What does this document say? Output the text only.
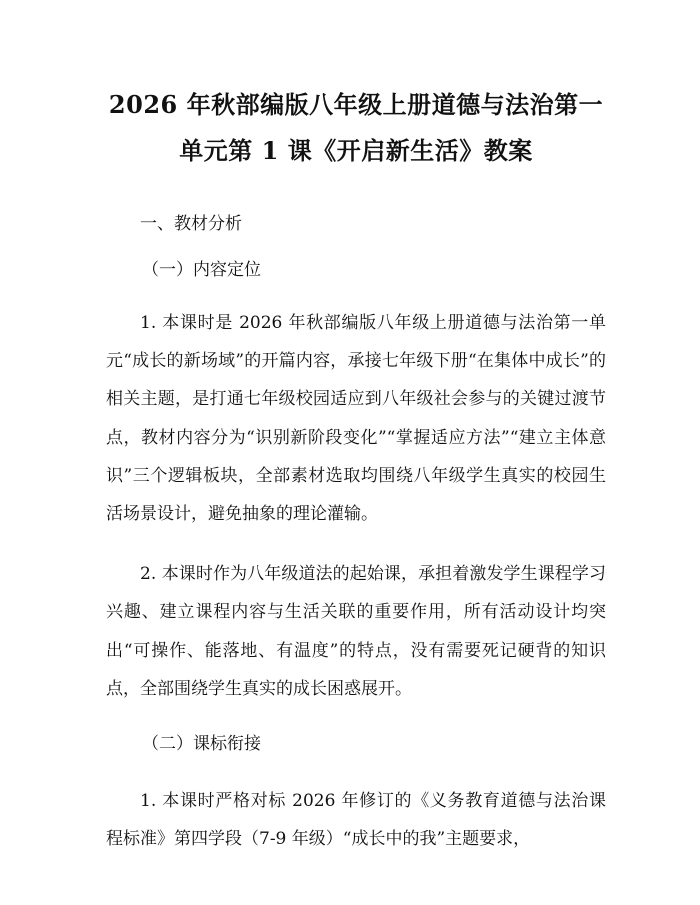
2026 年秋部编版八年级上册道德与法治第一
单元第 1 课《开启新生活》教案
一、教材分析
（一）内容定位

1. 本课时是 2026 年秋部编版八年级上册道德与法治第一单元“成长的新场域”的开篇内容，承接七年级下册“在集体中成长”的相关主题，是打通七年级校园适应到八年级社会参与的关键过渡节点，教材内容分为“识别新阶段变化”“掌握适应方法”“建立主体意识”三个逻辑板块，全部素材选取均围绕八年级学生真实的校园生活场景设计，避免抽象的理论灌输。

2. 本课时作为八年级道法的起始课，承担着激发学生课程学习兴趣、建立课程内容与生活关联的重要作用，所有活动设计均突出“可操作、能落地、有温度”的特点，没有需要死记硬背的知识点，全部围绕学生真实的成长困惑展开。

（二）课标衔接

1. 本课时严格对标 2026 年修订的《义务教育道德与法治课程标准》第四学段（7-9 年级）“成长中的我”主题要求，
